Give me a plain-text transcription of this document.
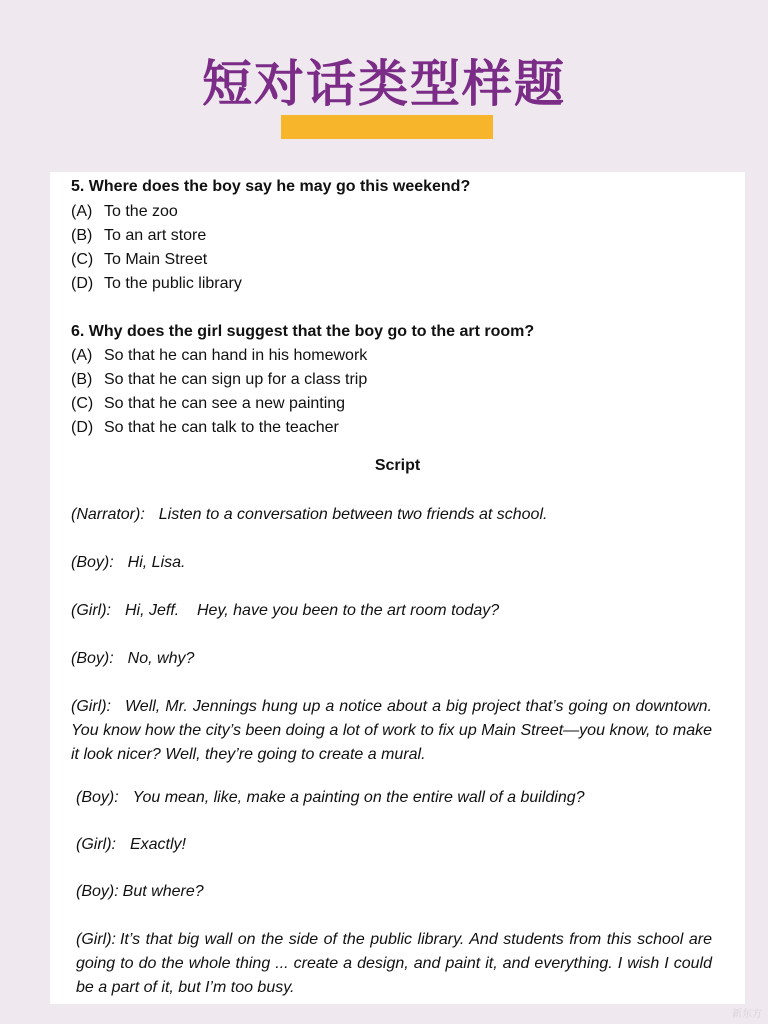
短对话类型样题

5. Where does the boy say he may go this weekend?

(A) To the zoo

(B) To an art store

(C) To Main Street

(D) To the public library

6. Why does the girl suggest that the boy go to the art room?

(A) So that he can hand in his homework

(B) So that he can sign up for a class trip

(C) So that he can see a new painting

(D) So that he can talk to the teacher

Script

(Narrator): Listen to a conversation between two friends at school.

(Boy): Hi, Lisa.

(Girl): Hi, Jeff.    Hey, have you been to the art room today?

(Boy): No, why?

(Girl): Well, Mr. Jennings hung up a notice about a big project that’s going on downtown. You know how the city’s been doing a lot of work to fix up Main Street—you know, to make it look nicer? Well, they’re going to create a mural.

(Boy): You mean, like, make a painting on the entire wall of a building?

(Girl): Exactly!

(Boy): But where?

(Girl): It’s that big wall on the side of the public library. And students from this school are going to do the whole thing ... create a design, and paint it, and everything. I wish I could be a part of it, but I’m too busy.

新东方
